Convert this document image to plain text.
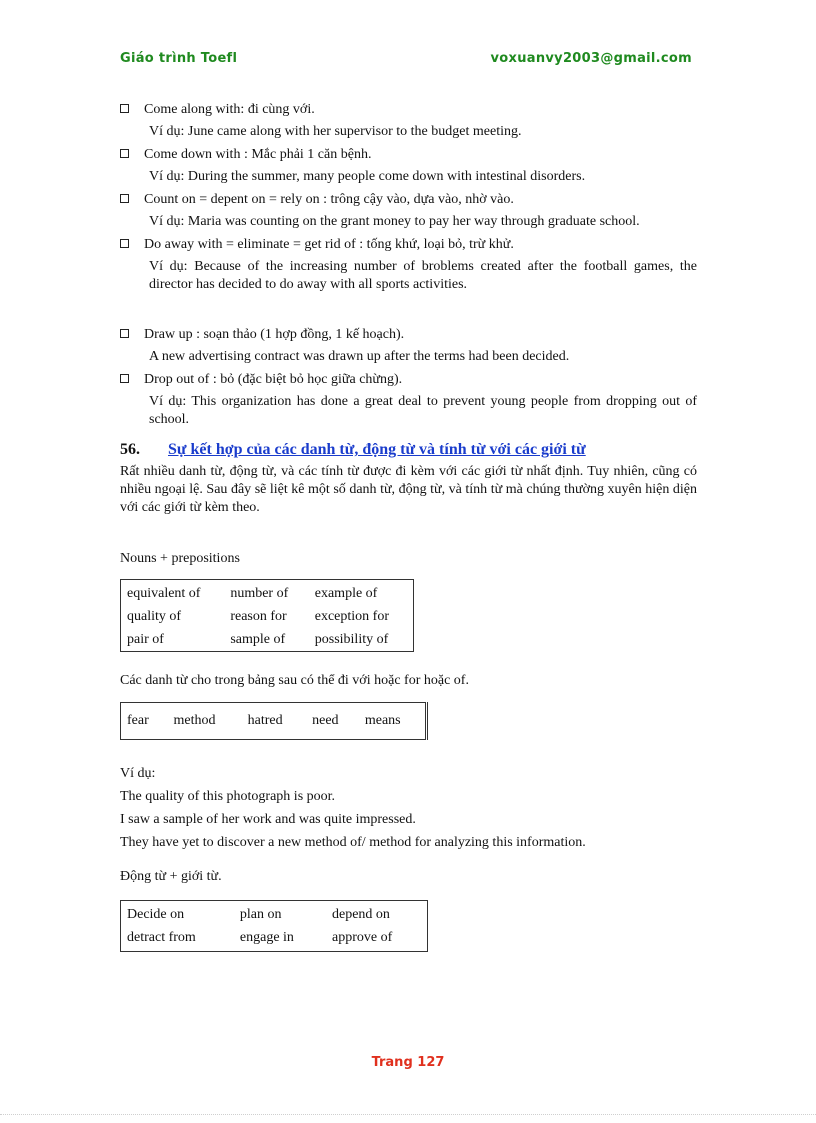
Giáo trình Toefl	voxuanvy2003@gmail.com

Come along with: đi cùng với.

Ví dụ: June came along with her supervisor to the budget meeting.

Come down with : Mắc phải 1 căn bệnh.

Ví dụ: During the summer, many people come down with intestinal disorders.

Count on = depent on = rely on : trông cậy vào, dựa vào, nhờ vào.

Ví dụ: Maria was counting on the grant money to pay her way through graduate school.

Do away with = eliminate = get rid of : tống khứ, loại bỏ, trừ khử.

Ví dụ: Because of the increasing number of broblems created after the football games, the director has decided to do away with all sports activities.

Draw up : soạn thảo (1 hợp đồng, 1 kế hoạch).

A new advertising contract was drawn up after the terms had been decided.

Drop out of : bỏ (đặc biệt bỏ học giữa chừng).

Ví dụ: This organization has done a great deal to prevent young people from dropping out of school.

56.	Sự kết hợp của các danh từ, động từ và tính từ với các giới từ

Rất nhiều danh từ, động từ, và các tính từ được đi kèm với các giới từ nhất định. Tuy nhiên, cũng có nhiều ngoại lệ. Sau đây sẽ liệt kê một số danh từ, động từ, và tính từ mà chúng thường xuyên hiện diện với các giới từ kèm theo.

Nouns + prepositions

equivalent of	number of	example of
quality of	reason for	exception for
pair of	sample of	possibility of

Các danh từ cho trong bảng sau có thể đi với hoặc for hoặc of.

fear	method	hatred	need	means

Ví dụ:

The quality of this photograph is poor.

I saw a sample of her work and was quite impressed.

They have yet to discover a new method of/ method for analyzing this information.

Động từ + giới từ.

Decide on	plan on	depend on
detract from	engage in	approve of
Trang 127
